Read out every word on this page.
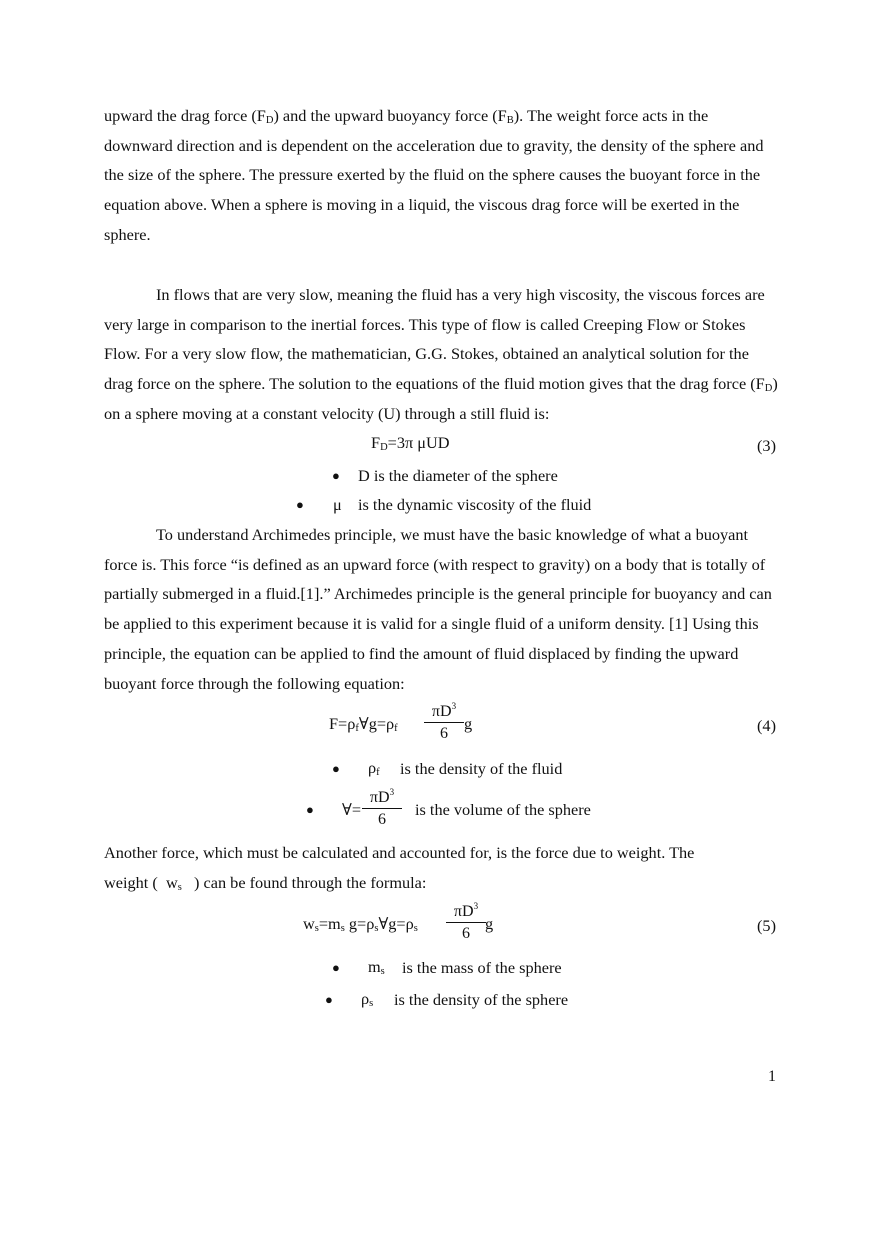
upward the drag force $(F_D)$ and the upward buoyancy force $(F_B)$. The weight force acts in the downward direction and is dependent on the acceleration due to gravity, the density of the sphere and the size of the sphere. The pressure exerted by the fluid on the sphere causes the buoyant force in the equation above. When a sphere is moving in a liquid, the viscous drag force will be exerted in the sphere.

In flows that are very slow, meaning the fluid has a very high viscosity, the viscous forces are very large in comparison to the inertial forces. This type of flow is called Creeping Flow or Stokes Flow. For a very slow flow, the mathematician, G.G. Stokes, obtained an analytical solution for the drag force on the sphere. The solution to the equations of the fluid motion gives that the drag force $(F_D)$ on a sphere moving at a constant velocity (U) through a still fluid is:

$F_D=3\pi$ μUD	(3)
● D is the diameter of the sphere
● μ is the dynamic viscosity of the fluid

To understand Archimedes principle, we must have the basic knowledge of what a buoyant force is. This force “is defined as an upward force (with respect to gravity) on a body that is totally of partially submerged in a fluid.[1].” Archimedes principle is the general principle for buoyancy and can be applied to this experiment because it is valid for a single fluid of a uniform density. [1] Using this principle, the equation can be applied to find the amount of fluid displaced by finding the upward buoyant force through the following equation:

$F=\rho_f\forall g=\rho_f \frac{\pi D^3}{6}$ g	(4)
● $\rho_f$ is the density of the fluid
● ∀= $\frac{\pi D^3}{6}$ is the volume of the sphere
Another force, which must be calculated and accounted for, is the force due to weight. The
weight ( $w_s$ ) can be found through the formula:
$w_s=m_s$ $g=\rho_s\forall g=\rho_s \frac{\pi D^3}{6}$ g	(5)
● $m_s$ is the mass of the sphere
● $\rho_s$ is the density of the sphere
1
